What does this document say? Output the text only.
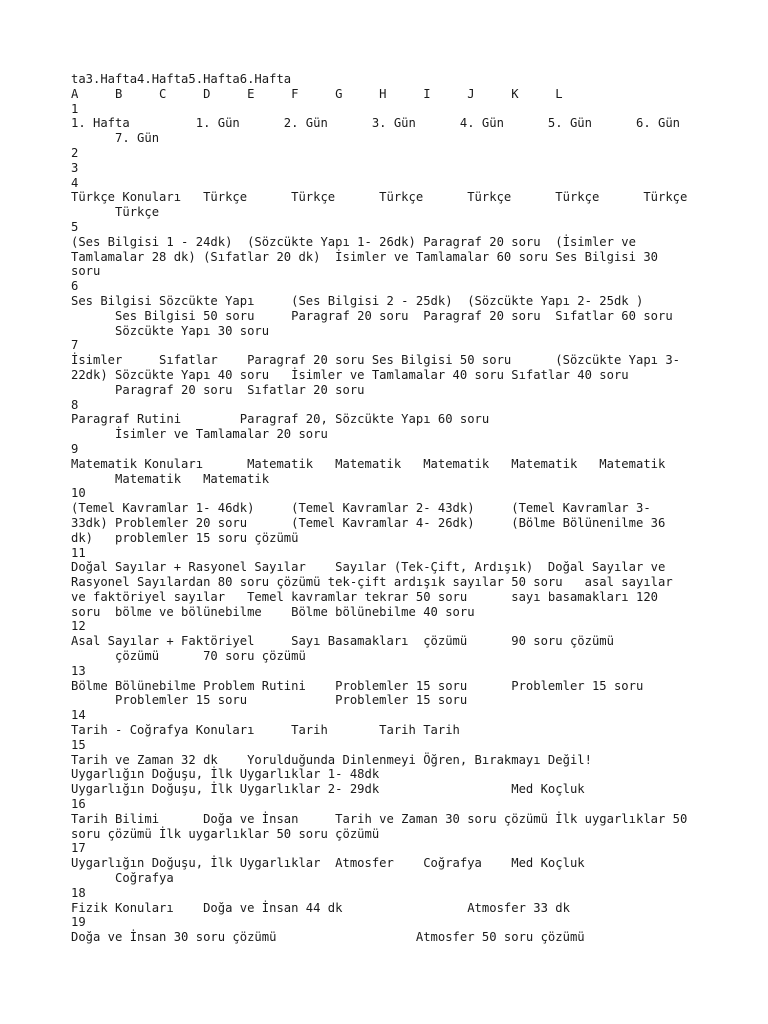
ta3.Hafta4.Hafta5.Hafta6.Hafta
A     B     C     D     E     F     G     H     I     J     K     L
1
1. Hafta         1. Gün      2. Gün      3. Gün      4. Gün      5. Gün      6. Gün
7. Gün
2
3
4
Türkçe Konuları   Türkçe      Türkçe      Türkçe      Türkçe      Türkçe      Türkçe
Türkçe
5
(Ses Bilgisi 1 - 24dk)  (Sözcükte Yapı 1- 26dk) Paragraf 20 soru  (İsimler ve
Tamlamalar 28 dk) (Sıfatlar 20 dk)  İsimler ve Tamlamalar 60 soru Ses Bilgisi 30
soru
6
Ses Bilgisi Sözcükte Yapı     (Ses Bilgisi 2 - 25dk)  (Sözcükte Yapı 2- 25dk )
Ses Bilgisi 50 soru     Paragraf 20 soru  Paragraf 20 soru  Sıfatlar 60 soru
Sözcükte Yapı 30 soru
7
İsimler     Sıfatlar    Paragraf 20 soru Ses Bilgisi 50 soru      (Sözcükte Yapı 3-
22dk) Sözcükte Yapı 40 soru   İsimler ve Tamlamalar 40 soru Sıfatlar 40 soru
Paragraf 20 soru  Sıfatlar 20 soru
8
Paragraf Rutini        Paragraf 20, Sözcükte Yapı 60 soru
İsimler ve Tamlamalar 20 soru
9
Matematik Konuları      Matematik   Matematik   Matematik   Matematik   Matematik
Matematik   Matematik
10
(Temel Kavramlar 1- 46dk)     (Temel Kavramlar 2- 43dk)     (Temel Kavramlar 3-
33dk) Problemler 20 soru      (Temel Kavramlar 4- 26dk)     (Bölme Bölünenilme 36
dk)   problemler 15 soru çözümü
11
Doğal Sayılar + Rasyonel Sayılar    Sayılar (Tek-Çift, Ardışık)  Doğal Sayılar ve
Rasyonel Sayılardan 80 soru çözümü tek-çift ardışık sayılar 50 soru   asal sayılar
ve faktöriyel sayılar   Temel kavramlar tekrar 50 soru      sayı basamakları 120
soru  bölme ve bölünebilme    Bölme bölünebilme 40 soru
12
Asal Sayılar + Faktöriyel     Sayı Basamakları  çözümü      90 soru çözümü
çözümü      70 soru çözümü
13
Bölme Bölünebilme Problem Rutini    Problemler 15 soru      Problemler 15 soru
Problemler 15 soru            Problemler 15 soru
14
Tarih - Coğrafya Konuları     Tarih       Tarih Tarih
15
Tarih ve Zaman 32 dk    Yorulduğunda Dinlenmeyi Öğren, Bırakmayı Değil!
Uygarlığın Doğuşu, İlk Uygarlıklar 1- 48dk
Uygarlığın Doğuşu, İlk Uygarlıklar 2- 29dk                  Med Koçluk
16
Tarih Bilimi      Doğa ve İnsan     Tarih ve Zaman 30 soru çözümü İlk uygarlıklar 50
soru çözümü İlk uygarlıklar 50 soru çözümü
17
Uygarlığın Doğuşu, İlk Uygarlıklar  Atmosfer    Coğrafya    Med Koçluk
Coğrafya
18
Fizik Konuları    Doğa ve İnsan 44 dk                 Atmosfer 33 dk
19
Doğa ve İnsan 30 soru çözümü                   Atmosfer 50 soru çözümü
